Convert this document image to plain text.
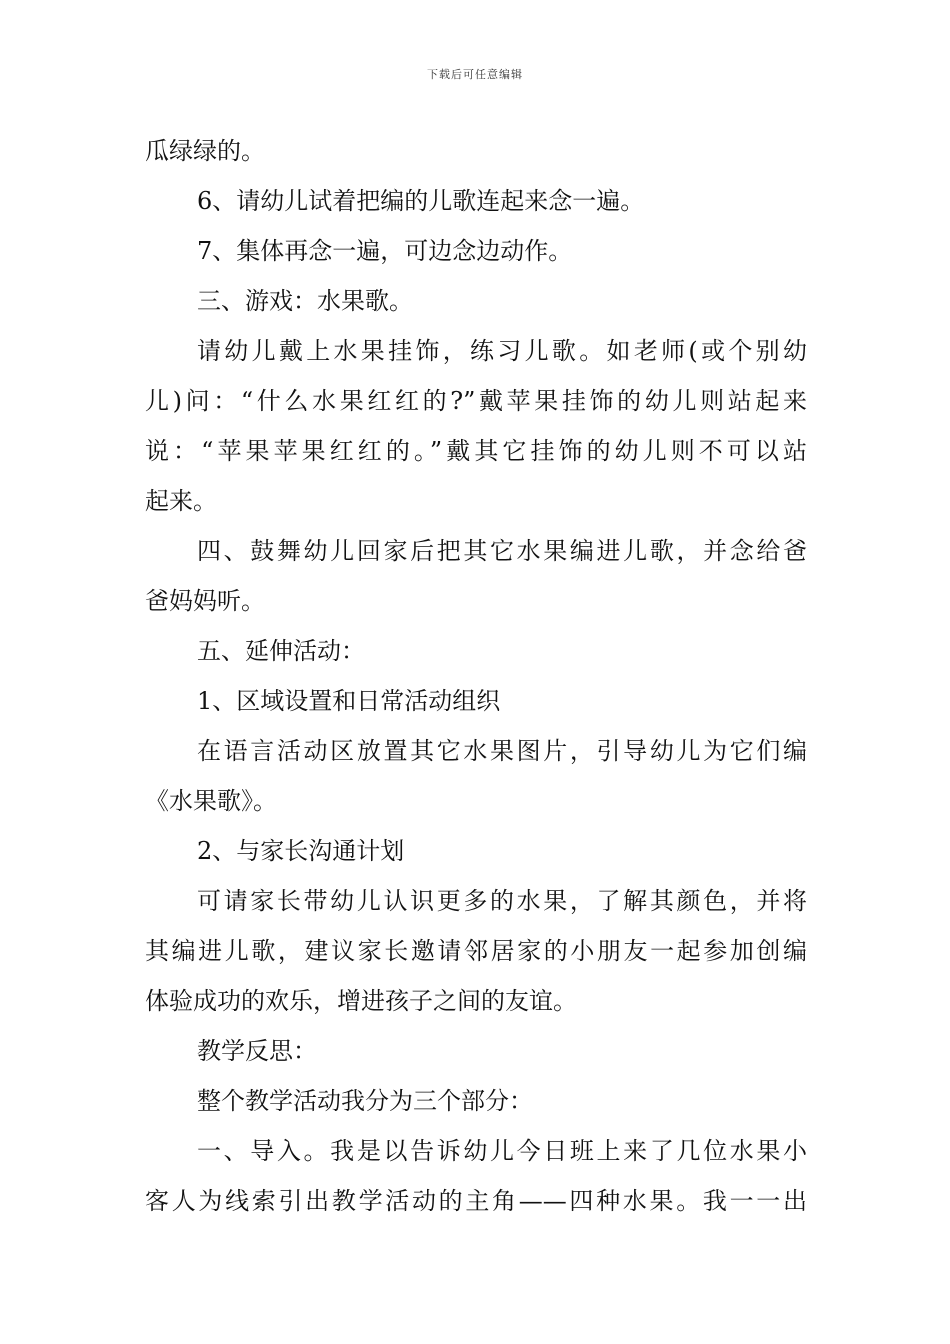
下载后可任意编辑
瓜绿绿的。
6、请幼儿试着把编的儿歌连起来念一遍。
7、集体再念一遍，可边念边动作。
三、游戏：水果歌。
请幼儿戴上水果挂饰，练习儿歌。如老师(或个别幼
儿)问：“什么水果红红的?”戴苹果挂饰的幼儿则站起来
说：“苹果苹果红红的。”戴其它挂饰的幼儿则不可以站
起来。
四、鼓舞幼儿回家后把其它水果编进儿歌，并念给爸
爸妈妈听。
五、延伸活动：
1、区域设置和日常活动组织
在语言活动区放置其它水果图片，引导幼儿为它们编
《水果歌》。
2、与家长沟通计划
可请家长带幼儿认识更多的水果，了解其颜色，并将
其编进儿歌，建议家长邀请邻居家的小朋友一起参加创编
体验成功的欢乐，增进孩子之间的友谊。
教学反思：
整个教学活动我分为三个部分：
一、导入。我是以告诉幼儿今日班上来了几位水果小
客人为线索引出教学活动的主角——四种水果。我一一出
